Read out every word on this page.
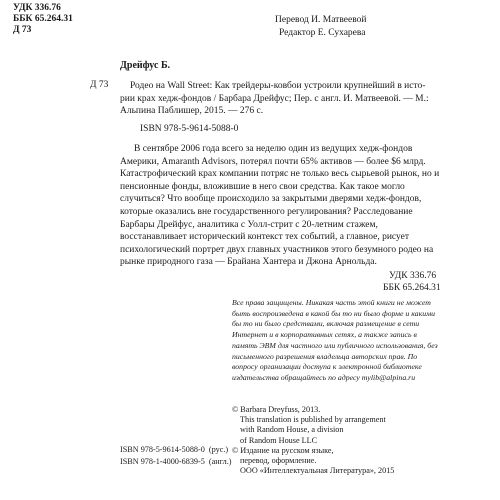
УДК 336.76
ББК 65.264.31
Д 73
Перевод И. Матвеевой
Редактор Е. Сухарева
Дрейфус Б.
Д 73	Родео на Wall Street: Как трейдеры-ковбои устроили крупнейший в исто-
рии крах хедж-фондов / Барбара Дрейфус; Пер. с англ. И. Матвеевой. — М.:
Альпина Паблишер, 2015. — 276 с.
ISBN 978-5-9614-5088-0
В сентябре 2006 года всего за неделю один из ведущих хедж-фондов Америки, Amaranth Advisors, потерял почти 65% активов — более $6 млрд. Катастрофический крах компании потряс не только весь сырьевой рынок, но и пенсионные фонды, вложившие в него свои средства. Как такое могло случиться? Что вообще происходило за закрытыми дверями хедж-фондов, которые оказались вне государственного регулирования? Расследование Барбары Дрейфус, аналитика с Уолл-стрит с 20-летним стажем, восстанавливает исторический контекст тех событий, а главное, рисует психологический портрет двух главных участников этого безумного родео на рынке природного газа — Брайана Хантера и Джона Арнольда.
УДК 336.76
ББК 65.264.31
Все права защищены. Никакая часть этой книги не может быть воспроизведена в какой бы то ни было форме и какими бы то ни было средствами, включая размещение в сети Интернет и в корпоративных сетях, а также запись в память ЭВМ для частного или публичного использования, без письменного разрешения владельца авторских прав. По вопросу организации доступа к электронной библиотеке издательства обращайтесь по адресу mylib@alpina.ru
© Barbara Dreyfuss, 2013.
This translation is published by arrangement
with Random House, a division
of Random House LLC
© Издание на русском языке,
перевод, оформление.
ООО «Интеллектуальная Литература», 2015
ISBN 978-5-9614-5088-0  (рус.)
ISBN 978-1-4000-6839-5  (англ.)
